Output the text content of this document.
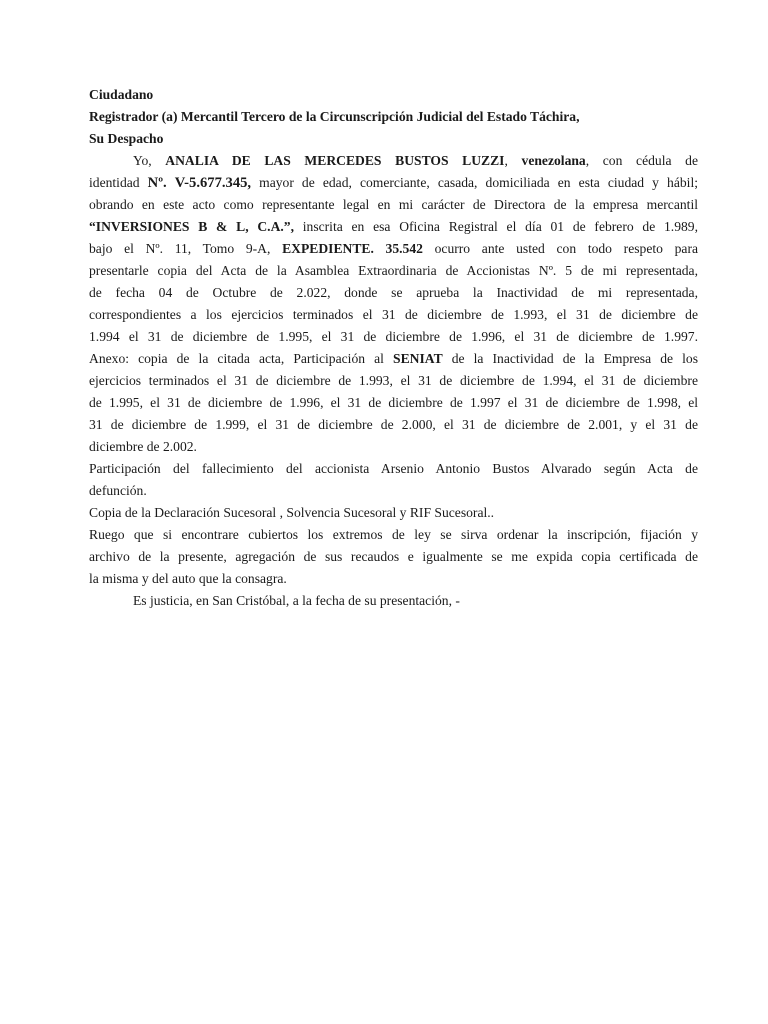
Ciudadano

Registrador (a) Mercantil Tercero de la Circunscripción Judicial del Estado Táchira,

Su Despacho

Yo, ANALIA DE LAS MERCEDES BUSTOS LUZZI, venezolana, con cédula de

identidad Nº. V-5.677.345, mayor de edad, comerciante, casada, domiciliada en esta ciudad y hábil;

obrando en este acto como representante legal en mi carácter de Directora de la empresa mercantil

“INVERSIONES B & L, C.A.”, inscrita en esa Oficina Registral el día 01 de febrero de 1.989,

bajo el Nº. 11, Tomo 9-A, EXPEDIENTE. 35.542 ocurro ante usted con todo respeto para

presentarle copia del Acta de la Asamblea Extraordinaria de Accionistas Nº. 5 de mi representada,

de fecha 04 de Octubre de 2.022, donde se aprueba la Inactividad de mi representada,

correspondientes a los ejercicios terminados el 31 de diciembre de 1.993, el 31 de diciembre de

1.994 el 31 de diciembre de 1.995, el 31 de diciembre de 1.996, el 31 de diciembre de 1.997.

Anexo: copia de la citada acta, Participación al SENIAT de la Inactividad de la Empresa de los

ejercicios terminados el 31 de diciembre de 1.993, el 31 de diciembre de 1.994, el 31 de diciembre

de 1.995, el 31 de diciembre de 1.996, el 31 de diciembre de 1.997 el 31 de diciembre de 1.998, el

31 de diciembre de 1.999, el 31 de diciembre de 2.000, el 31 de diciembre de 2.001, y el 31 de

diciembre de 2.002.

Participación del fallecimiento del accionista Arsenio Antonio Bustos Alvarado según Acta de

defunción.

Copia de la Declaración Sucesoral , Solvencia Sucesoral y RIF Sucesoral..

Ruego que si encontrare cubiertos los extremos de ley se sirva ordenar la inscripción, fijación y

archivo de la presente, agregación de sus recaudos e igualmente se me expida copia certificada de

la misma y del auto que la consagra.

Es justicia, en San Cristóbal, a la fecha de su presentación, -
